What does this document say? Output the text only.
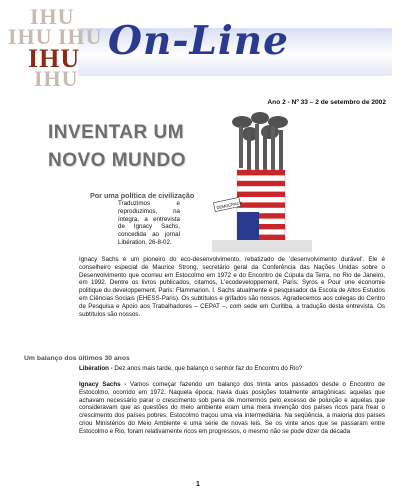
IHU
IHU IHU
IHU
IHU On-Line
Ano 2 - Nº 33 – 2 de setembro de 2002
INVENTAR UM
NOVO MUNDO
Por uma política de civilização
DEMOCRACY
Traduzimos e reproduzimos, na íntegra, a entrevista de Ignacy Sachs, concedida ao jornal Libération, 26-8-02.
Ignacy Sachs é um pioneiro do eco-desenvolvimento, rebatizado de 'desenvolvimento durável'. Ele é conselheiro especial de Maurice Strong, secretário geral da Conferência das Nações Unidas sobre o Desenvolvimento que ocorreu em Estocolmo em 1972 e do Encontro de Cúpula da Terra, no Rio de Janeiro, em 1992. Dentre os livros publicados, citamos, L'ecodeveloppement, Paris: Syros e Pour une économie politique du developpement, Paris: Flammarion. I. Sachs atualmente é pesquisador da Escola de Altos Estudos em Ciências Sociais (EHESS-Paris). Os subtítulos e grifados são nossos. Agradecemos aos colegas do Centro de Pesquisa e Apoio aos Trabalhadores – CEPAT –, com sede em Curitiba, a tradução desta entrevista. Os subtítulos são nossos.
Um balanço dos últimos 30 anos
Libération - Dez anos mais tarde, que balanço o senhor faz do Encontro do Rio?
Ignacy Sachs - Vamos começar fazendo um balanço dos trinta anos passados desde o Encontro de Estocolmo, ocorrido em 1972. Naquela época, havia duas posições totalmente antagônicas: aquelas que achavam necessário parar o crescimento sob pena de morrermos pelo excesso de poluição e aquelas que consideravam que as questões do meio ambiente eram uma mera invenção dos países ricos para frear o crescimento dos países pobres. Estocolmo traçou uma via intermediária. Na seqüência, a maioria dos países criou Ministérios do Meio Ambiente e uma série de novas leis. Se os vinte anos que se passaram entre Estocolmo e Rio, foram relativamente ricos em progressos, o mesmo não se pode dizer da década
1
